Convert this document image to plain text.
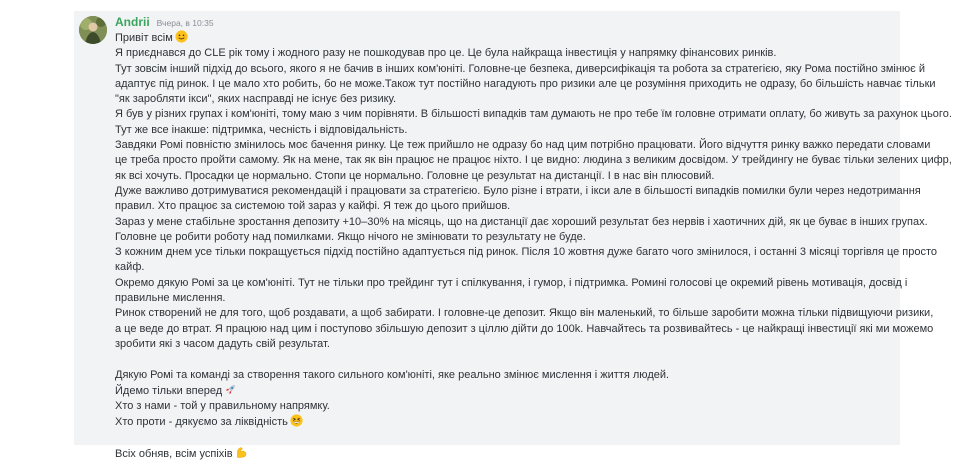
Andrii Вчера, в 10:35
Привіт всім
Я приєднався до CLE рік тому і жодного разу не пошкодував про це. Це була найкраща інвестиція у напрямку фінансових ринків.
Тут зовсім інший підхід до всього, якого я не бачив в інших ком'юніті. Головне-це безпека, диверсифікація та робота за стратегією, яку Рома постійно змінює й
адаптує під ринок. І це мало хто робить, бо не може.Також тут постійно нагадують про ризики але це розуміння приходить не одразу, бо більшість навчає тільки
"як заробляти ікси", яких насправді не існує без ризику.
Я був у різних групах і ком'юніті, тому маю з чим порівняти. В більшості випадків там думають не про тебе їм головне отримати оплату, бо живуть за рахунок цього.
Тут же все інакше: підтримка, чесність і відповідальність.
Завдяки Ромі повністю змінилось моє бачення ринку. Це теж прийшло не одразу бо над цим потрібно працювати. Його відчуття ринку важко передати словами
це треба просто пройти самому. Як на мене, так як він працює не працює ніхто. І це видно: людина з великим досвідом. У трейдингу не буває тільки зелених цифр,
як всі хочуть. Просадки це нормально. Стопи це нормально. Головне це результат на дистанції. І в нас він плюсовий.
Дуже важливо дотримуватися рекомендацій і працювати за стратегією. Було різне і втрати, і ікси але в більшості випадків помилки були через недотримання
правил. Хто працює за системою той зараз у кайфі. Я теж до цього прийшов.
Зараз у мене стабільне зростання депозиту +10–30% на місяць, що на дистанції дає хороший результат без нервів і хаотичних дій, як це буває в інших групах.
Головне це робити роботу над помилками. Якщо нічого не змінювати то результату не буде.
З кожним днем усе тільки покращується підхід постійно адаптується під ринок. Після 10 жовтня дуже багато чого змінилося, і останні 3 місяці торгівля це просто
кайф.
Окремо дякую Ромі за це ком'юніті. Тут не тільки про трейдинг тут і спілкування, і гумор, і підтримка. Ромині голосові це окремий рівень мотивація, досвід і
правильне мислення.
Ринок створений не для того, щоб роздавати, а щоб забирати. І головне-це депозит. Якщо він маленький, то більше заробити можна тільки підвищуючи ризики,
а це веде до втрат. Я працюю над цим і поступово збільшую депозит з ціллю дійти до 100k. Навчайтесь та розвивайтесь - це найкращі інвестиції які ми можемо
зробити які з часом дадуть свій результат.
Дякую Ромі та команді за створення такого сильного ком'юніті, яке реально змінює мислення і життя людей.
Йдемо тільки вперед
Хто з нами - той у правильному напрямку.
Хто проти - дякуємо за ліквідність
Всіх обняв, всім успіхів
